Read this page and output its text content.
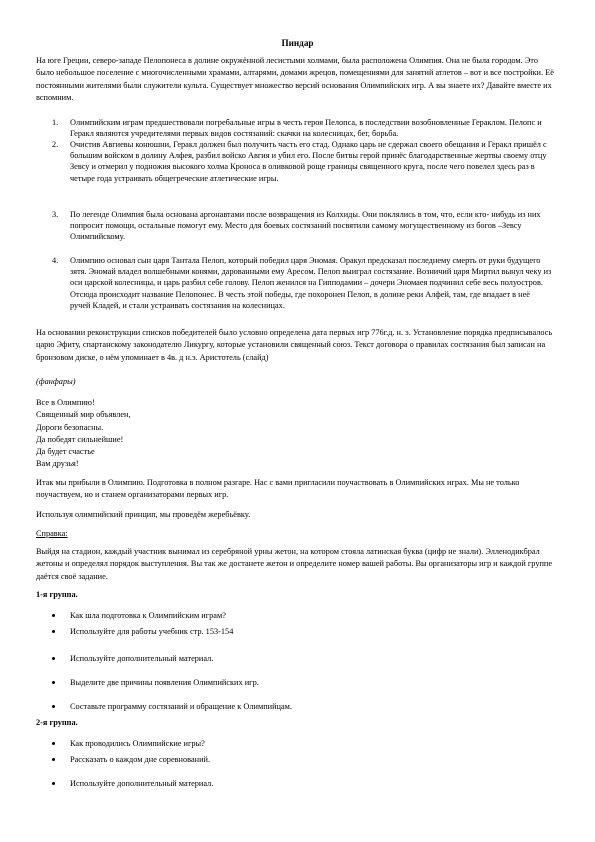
Пиндар

На юге Греции, северо-западе Пелопонеса в долине окружённой лесистыми холмами, была расположена Олимпия. Она не была городом. Это было небольшое поселение с многочисленными храмами, алтарями, домами жрецов, помещениями для занятий атлетов – вот и все постройки. Её постоянными жителями были служители культа. Существует множество версий основания Олимпийских игр. А вы знаете их? Давайте вместе их вспомним.

1. Олимпийским играм предшествовали погребальные игры в честь героя Пелопса, в последствии возобновленные Гераклом. Пелопс и Геракл являются учредителями первых видов состязаний: скачки на колесницах, бег, борьба.
2. Очистив Авгиевы конюшни, Геракл должен был получить часть его стад. Однако царь не сдержал своего обещания и Геракл пришёл с большим войском в долину Алфея, разбил войско Авгия и убил его. После битвы герой принёс благодарственные жертвы своему отцу Зевсу и отмерил у подножия высокого холма Кроноса в оливковой роще границы священного круга, после чего повелел здесь раз в четыре года устраивать общегреческие атлетические игры.
3. По легенде Олимпия была основана аргонавтами после возвращения из Колхиды. Они поклялись в том, что, если кто- нибудь из них попросит помощи, остальные помогут ему. Место для боевых состязаний посвятили самому могущественному из богов –Зевсу Олимпийскому.
4. Олимпию основал сын царя Тантала Пелоп, который победил царя Эномая. Оракул предсказал последнему смерть от руки будущего зятя. Эномай владел волшебными конями, дарованными ему Аресом. Пелоп выиграл состязание. Возничий царя Миртил вынул чеку из оси царской колесницы, и царь разбил себе голову. Пелоп женился на Гипподамии – дочери Эномаея подчинил себе весь полуостров. Отсюда происходит название Пелопонес. В честь этой победы, где похоронен Пелоп, в долине реки Алфей, там, где впадает в неё ручей Кладей, и стали устраивать состязания на колесницах.

На основании реконструкции списков победителей было условно определена дата первых игр 776г.д. н. э. Установление порядка предписывалось царю Эфиту, спартанскому законодателю Ликургу, которые установили священный союз. Текст договора о правилах состязания был записан на бронзовом диске, о нём упоминает в 4в. д н.э. Аристотель (слайд)

(фанфары)

Все в Олимпию!
Священный мир объявлен,
Дороги безопасны.
Да победят сильнейшие!
Да будет счастье
Вам друзья!

Итак мы прибыли в Олимпию. Подготовка в полном разгаре. Нас с вами пригласили поучаствовать в Олимпийских играх. Мы не только поучаствуем, но и станем организаторами первых игр.

Используя олимпийский принцип, мы проведём жеребьёвку.

Справка:

Выйдя на стадион, каждый участник вынимал из серебряной урны жетон, на котором стояла латинская буква (цифр не знали). Элленодикбрал жетоны и определял порядок выступления. Вы так же достанете жетон и определите номер вашей работы. Вы организаторы игр и каждой группе даётся своё задание.

1-я группа.

Как шла подготовка к Олимпийским играм?
Используйте для работы учебник стр. 153-154
Используйте дополнительный материал.
Выделите две причины появления Олимпийских игр.
Составьте программу состязаний и обращение к Олимпийцам.

2-я группа.

Как проводились Олимпийские игры?
Рассказать о каждом дне соревнований.
Используйте дополнительный материал.
